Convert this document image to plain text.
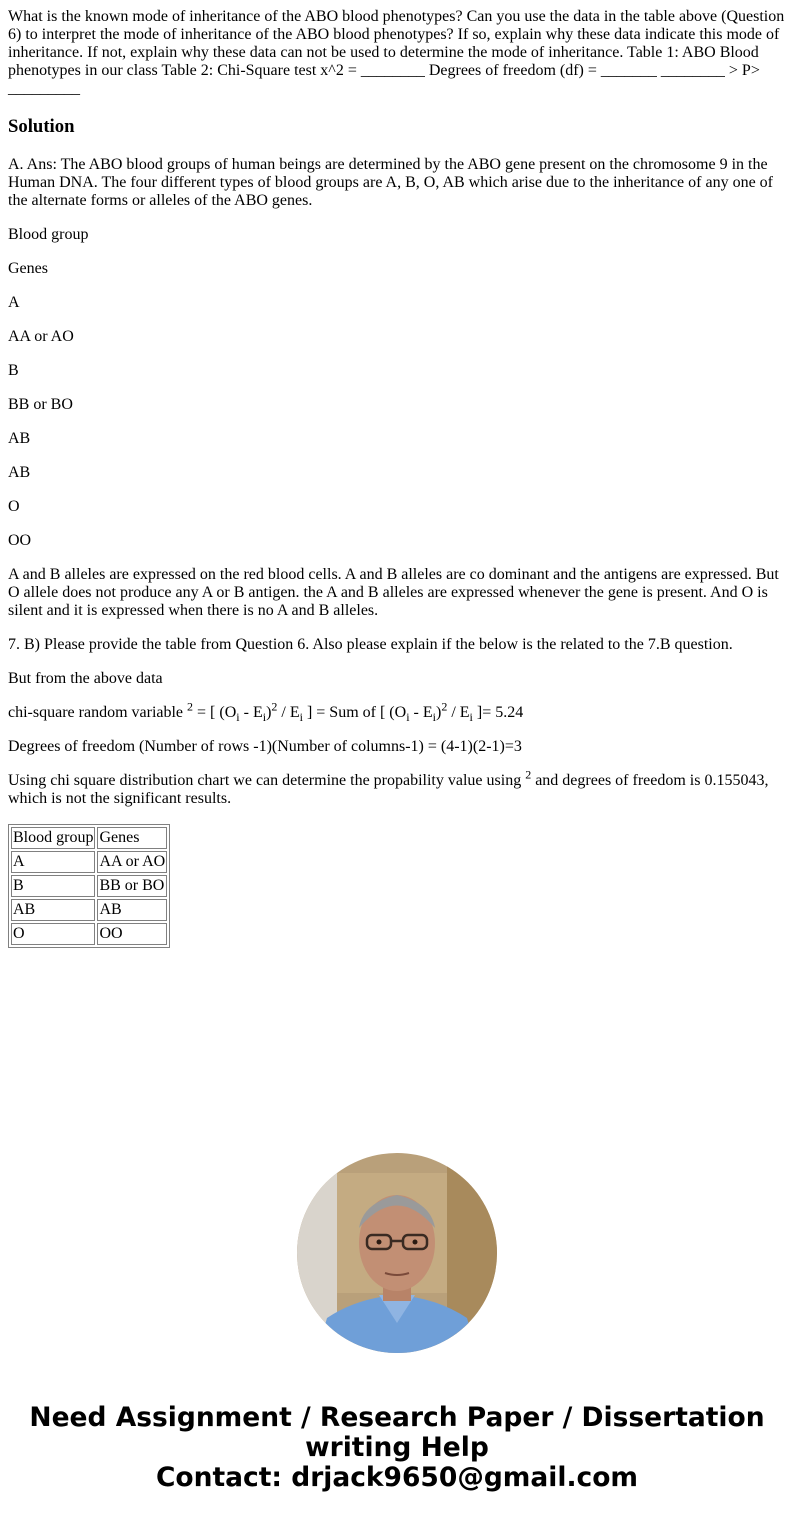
What is the known mode of inheritance of the ABO blood phenotypes? Can you use the data in the table above (Question 6) to interpret the mode of inheritance of the ABO blood phenotypes? If so, explain why these data indicate this mode of inheritance. If not, explain why these data can not be used to determine the mode of inheritance. Table 1: ABO Blood phenotypes in our class Table 2: Chi-Square test x^2 = ________ Degrees of freedom (df) = _______ ________ > P>

_________

Solution

A. Ans: The ABO blood groups of human beings are determined by the ABO gene present on the chromosome 9 in the Human DNA. The four different types of blood groups are A, B, O, AB which arise due to the inheritance of any one of the alternate forms or alleles of the ABO genes.

Blood group

Genes

A

AA or AO

B

BB or BO

AB

AB

O

OO

A and B alleles are expressed on the red blood cells. A and B alleles are co dominant and the antigens are expressed. But O allele does not produce any A or B antigen. the A and B alleles are expressed whenever the gene is present. And O is silent and it is expressed when there is no A and B alleles.

7. B) Please provide the table from Question 6. Also please explain if the below is the related to the 7.B question.

But from the above data

chi-square random variable $^2$ = [ $(O_i - E_i)^2 / E_i$ ] = Sum of [ $(O_i - E_i)^2 / E_i$ ]= 5.24

Degrees of freedom (Number of rows -1)(Number of columns-1) = (4-1)(2-1)=3

Using chi square distribution chart we can determine the propability value using $^2$ and degrees of freedom is 0.155043, which is not the significant results.

Blood group	Genes
A	AA or AO
B	BB or BO
AB	AB
O	OO
Need Assignment / Research Paper / Dissertation
writing Help
Contact: drjack9650@gmail.com
